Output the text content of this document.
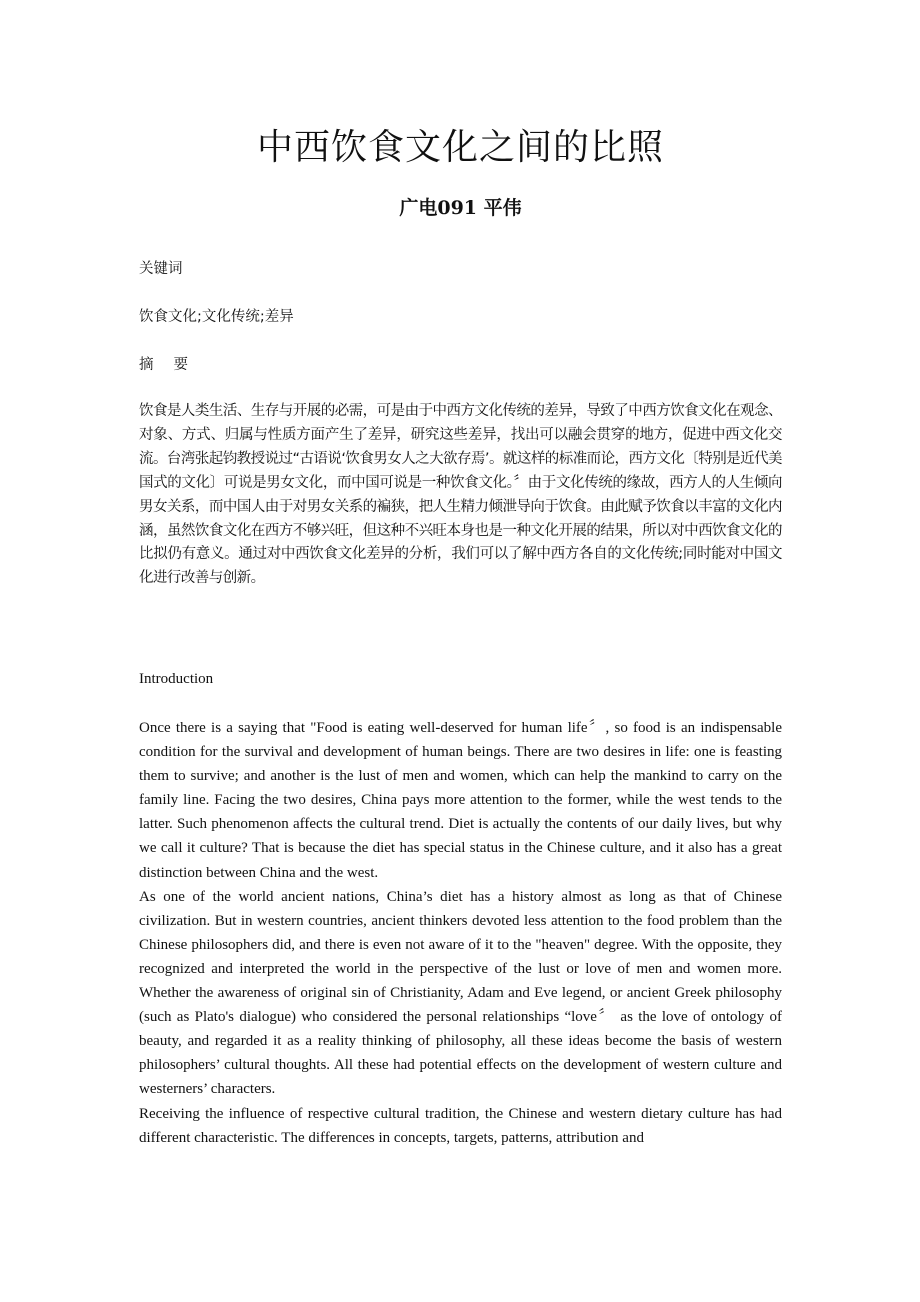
中西饮食文化之间的比照
广电091 平伟

关键词

饮食文化;文化传统;差异

摘 要

饮食是人类生活、生存与开展的必需，可是由于中西方文化传统的差异，导致了中西方饮食文化在观念、对象、方式、归属与性质方面产生了差异，研究这些差异，找出可以融会贯穿的地方，促进中西文化交流。台湾张起钧教授说过“古语说‘饮食男女人之大欲存焉’。就这样的标准而论，西方文化〔特别是近代美国式的文化〕可说是男女文化，而中国可说是一种饮食文化。〞由于文化传统的缘故，西方人的人生倾向男女关系，而中国人由于对男女关系的褊狭，把人生精力倾泄导向于饮食。由此赋予饮食以丰富的文化内涵，虽然饮食文化在西方不够兴旺，但这种不兴旺本身也是一种文化开展的结果，所以对中西饮食文化的比拟仍有意义。通过对中西饮食文化差异的分析，我们可以了解中西方各自的文化传统;同时能对中国文化进行改善与创新。

Introduction

Once there is a saying that "Food is eating well-deserved for human life〞, so food is an indispensable condition for the survival and development of human beings. There are two desires in life: one is feasting them to survive; and another is the lust of men and women, which can help the mankind to carry on the family line. Facing the two desires, China pays more attention to the former, while the west tends to the latter. Such phenomenon affects the cultural trend. Diet is actually the contents of our daily lives, but why we call it culture? That is because the diet has special status in the Chinese culture, and it also has a great distinction between China and the west.

As one of the world ancient nations, China’s diet has a history almost as long as that of Chinese civilization. But in western countries, ancient thinkers devoted less attention to the food problem than the Chinese philosophers did, and there is even not aware of it to the "heaven" degree. With the opposite, they recognized and interpreted the world in the perspective of the lust or love of men and women more. Whether the awareness of original sin of Christianity, Adam and Eve legend, or ancient Greek philosophy (such as Plato's dialogue) who considered the personal relationships “love〞 as the love of ontology of beauty, and regarded it as a reality thinking of philosophy, all these ideas become the basis of western philosophers’ cultural thoughts. All these had potential effects on the development of western culture and westerners’ characters.

Receiving the influence of respective cultural tradition, the Chinese and western dietary culture has had different characteristic. The differences in concepts, targets, patterns, attribution and
